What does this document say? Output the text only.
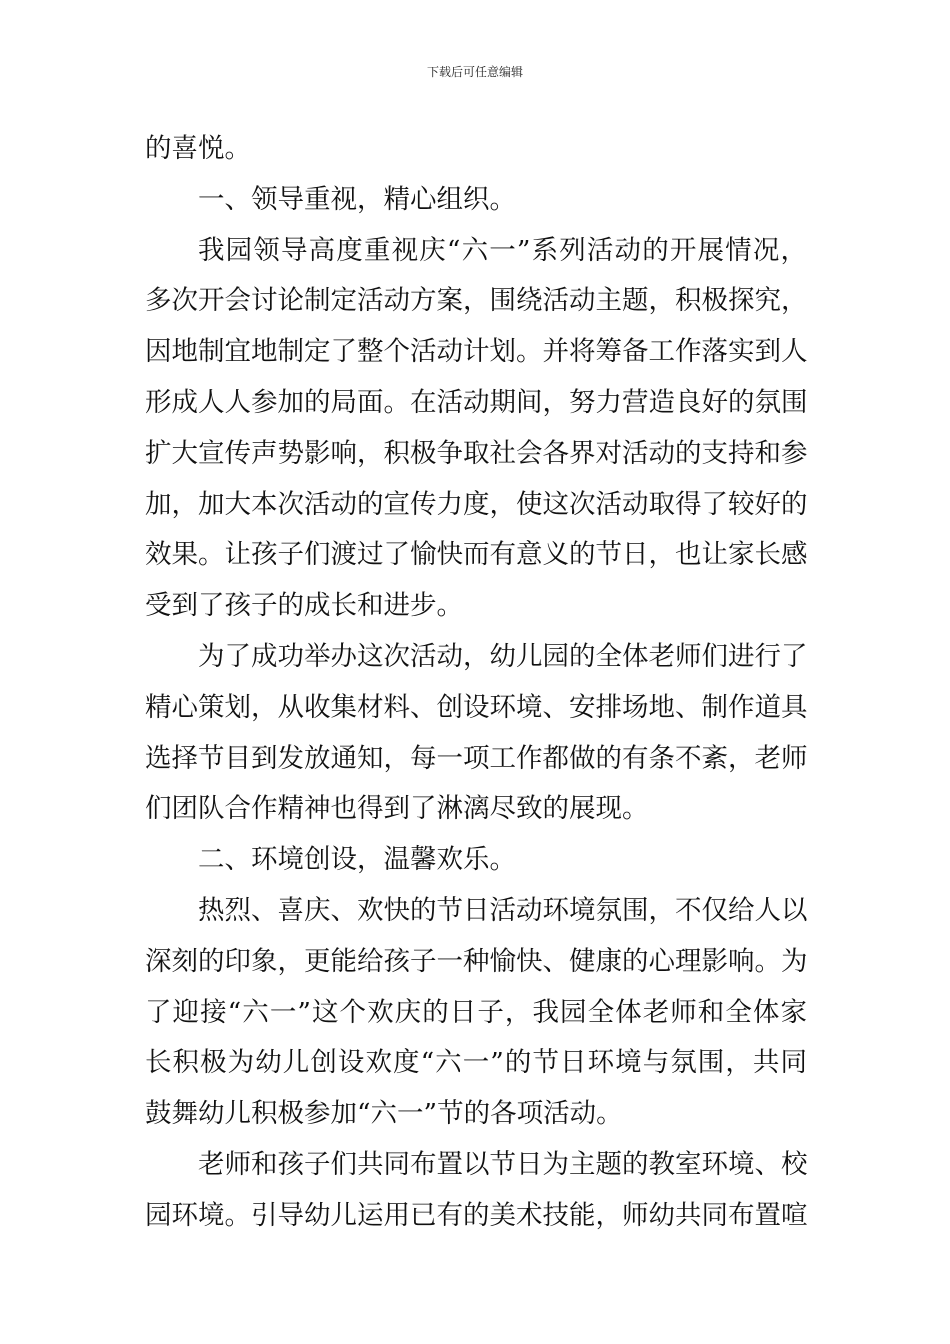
下载后可任意编辑
的喜悦。
一、领导重视，精心组织。
我园领导高度重视庆“六一”系列活动的开展情况，
多次开会讨论制定活动方案，围绕活动主题，积极探究，
因地制宜地制定了整个活动计划。并将筹备工作落实到人
形成人人参加的局面。在活动期间，努力营造良好的氛围
扩大宣传声势影响，积极争取社会各界对活动的支持和参
加，加大本次活动的宣传力度，使这次活动取得了较好的
效果。让孩子们渡过了愉快而有意义的节日，也让家长感
受到了孩子的成长和进步。
为了成功举办这次活动，幼儿园的全体老师们进行了
精心策划，从收集材料、创设环境、安排场地、制作道具
选择节目到发放通知，每一项工作都做的有条不紊，老师
们团队合作精神也得到了淋漓尽致的展现。
二、环境创设，温馨欢乐。
热烈、喜庆、欢快的节日活动环境氛围，不仅给人以
深刻的印象，更能给孩子一种愉快、健康的心理影响。为
了迎接“六一”这个欢庆的日子，我园全体老师和全体家
长积极为幼儿创设欢度“六一”的节日环境与氛围，共同
鼓舞幼儿积极参加“六一”节的各项活动。
老师和孩子们共同布置以节日为主题的教室环境、校
园环境。引导幼儿运用已有的美术技能，师幼共同布置喧
